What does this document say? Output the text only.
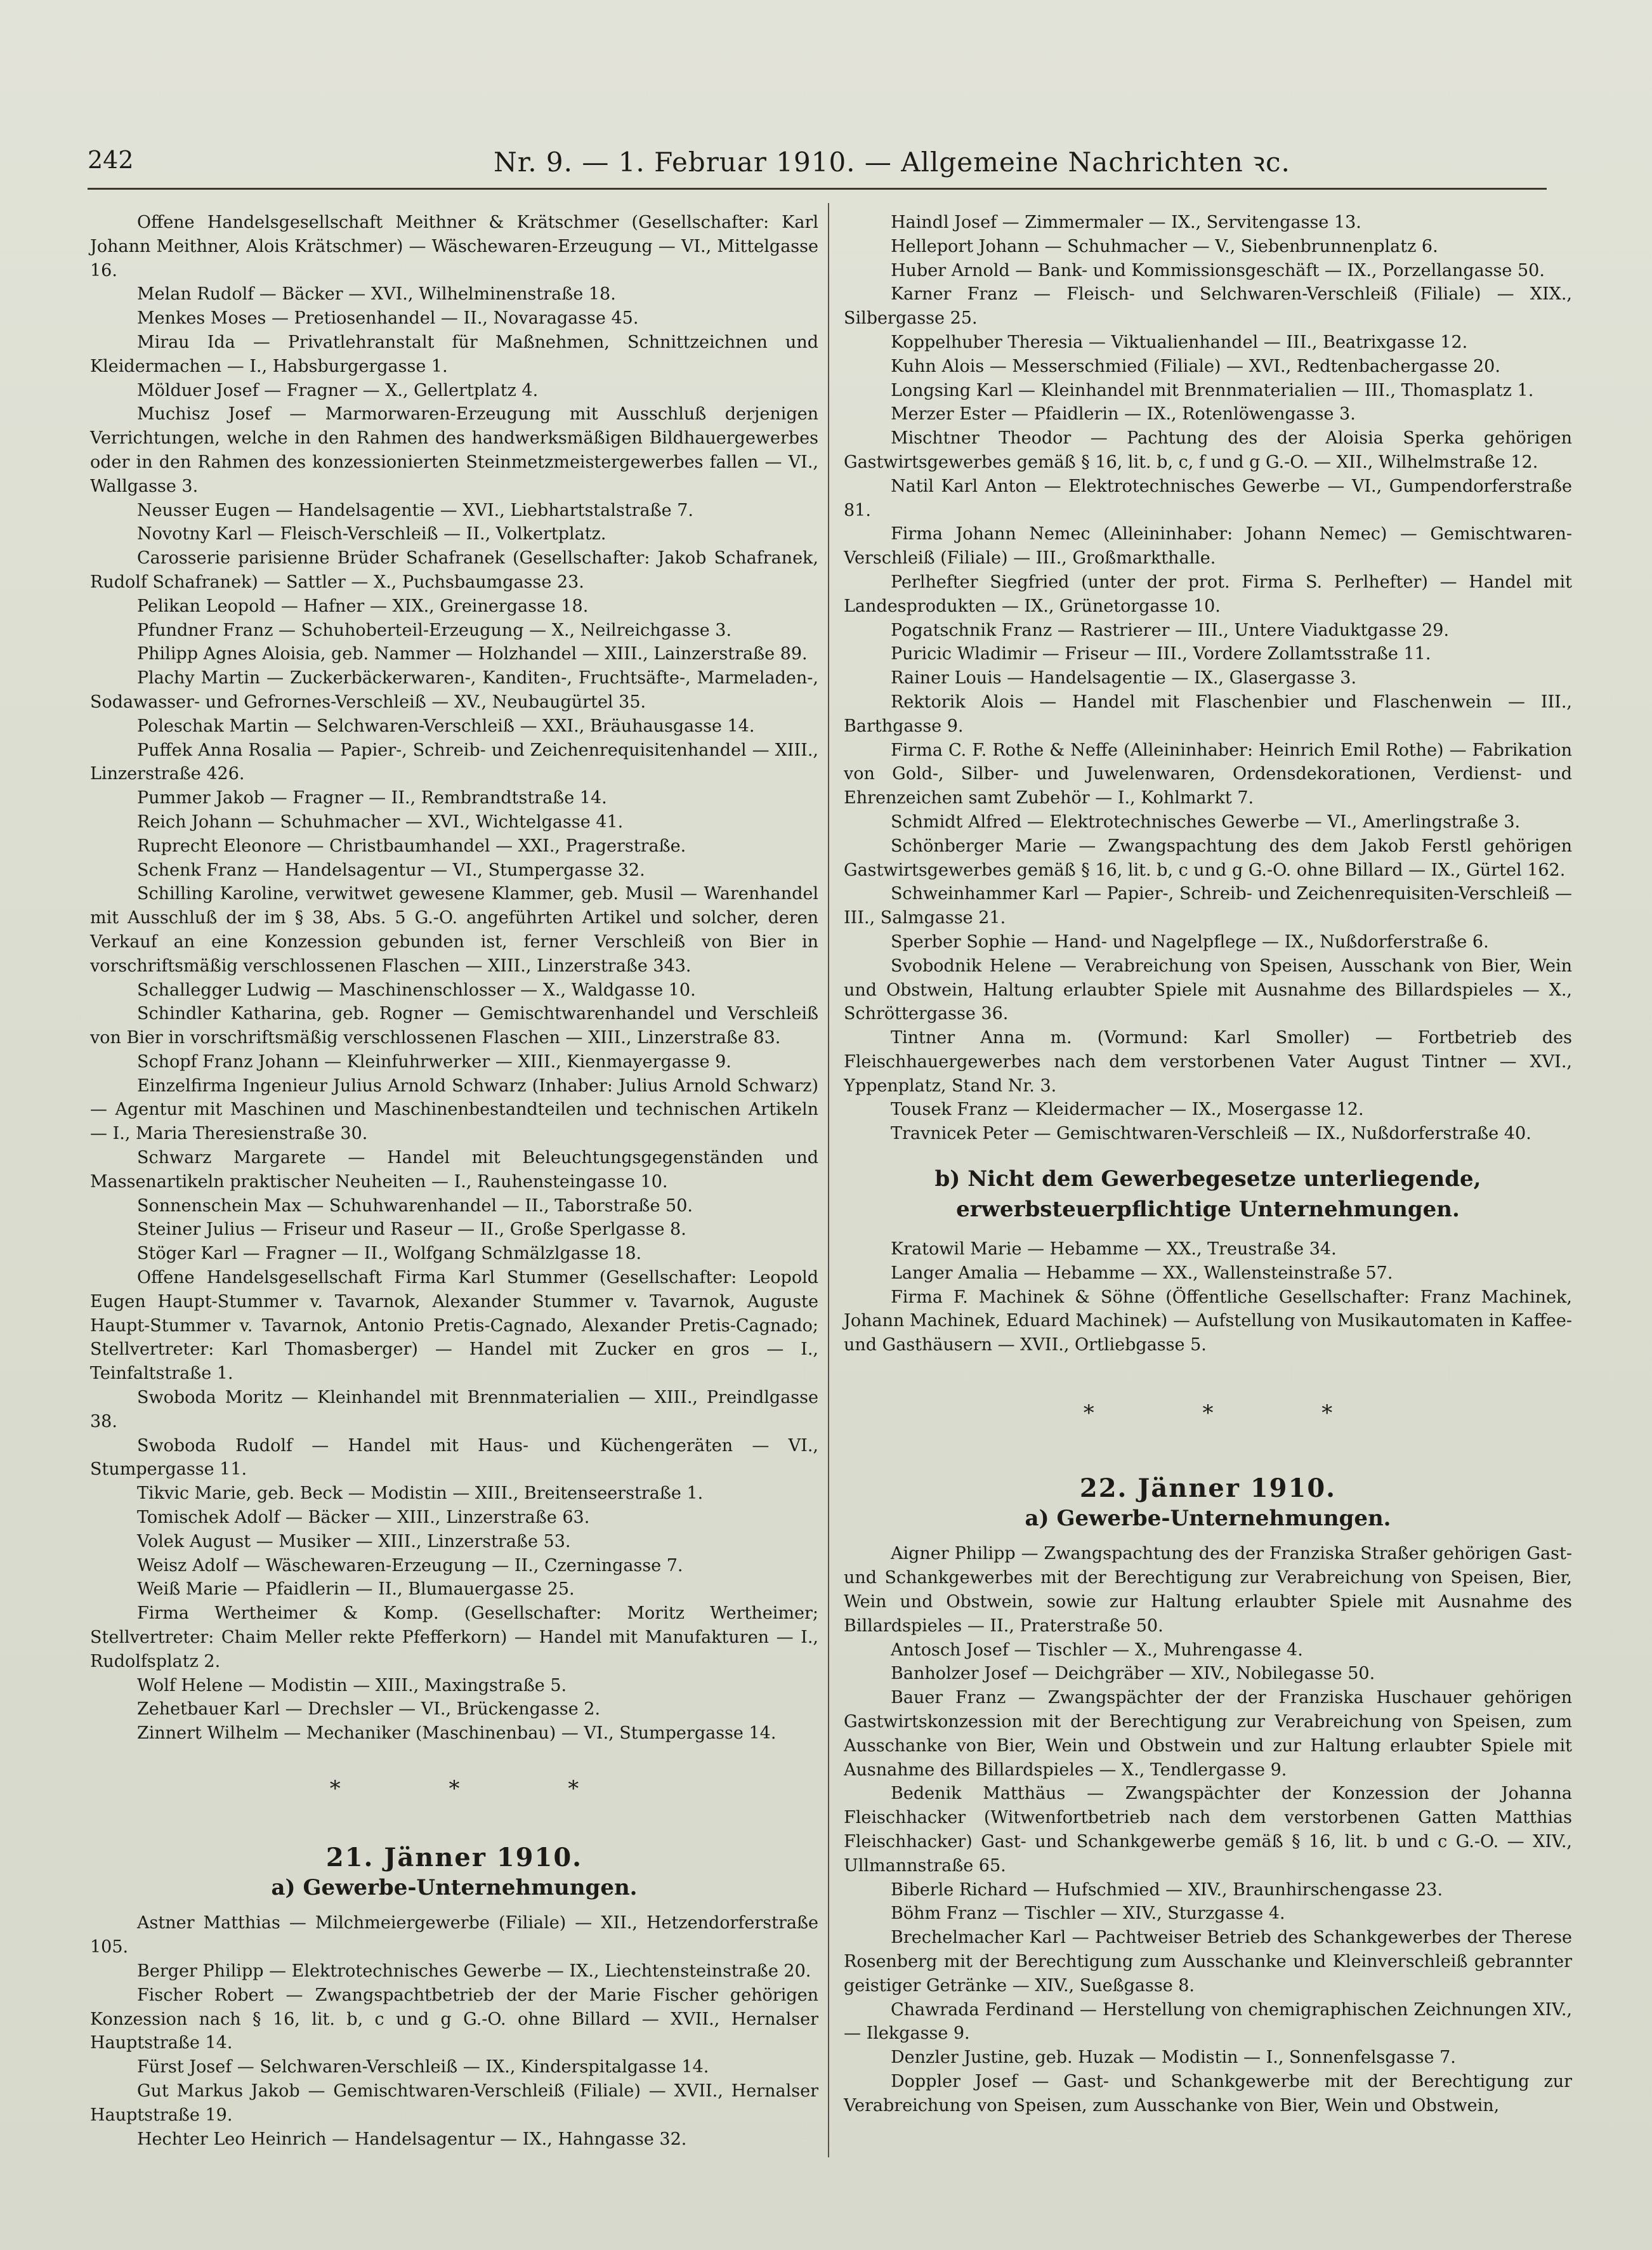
242	Nr. 9. — 1. Februar 1910. — Allgemeine Nachrichten ꝛc.

Offene Handelsgesellschaft Meithner & Krätschmer (Gesellschafter: Karl Johann Meithner, Alois Krätschmer) — Wäschewaren-Erzeugung — VI., Mittelgasse 16.

Melan Rudolf — Bäcker — XVI., Wilhelminenstraße 18.

Menkes Moses — Pretiosenhandel — II., Novaragasse 45.

Mirau Ida — Privatlehranstalt für Maßnehmen, Schnittzeichnen und Kleidermachen — I., Habsburgergasse 1.

Mölduer Josef — Fragner — X., Gellertplatz 4.

Muchisz Josef — Marmorwaren-Erzeugung mit Ausschluß derjenigen Verrichtungen, welche in den Rahmen des handwerksmäßigen Bildhauergewerbes oder in den Rahmen des konzessionierten Steinmetzmeistergewerbes fallen — VI., Wallgasse 3.

Neusser Eugen — Handelsagentie — XVI., Liebhartstalstraße 7.

Novotny Karl — Fleisch-Verschleiß — II., Volkertplatz.

Carosserie parisienne Brüder Schafranek (Gesellschafter: Jakob Schafranek, Rudolf Schafranek) — Sattler — X., Puchsbaumgasse 23.

Pelikan Leopold — Hafner — XIX., Greinergasse 18.

Pfundner Franz — Schuhoberteil-Erzeugung — X., Neilreichgasse 3.

Philipp Agnes Aloisia, geb. Nammer — Holzhandel — XIII., Lainzerstraße 89.

Plachy Martin — Zuckerbäckerwaren-, Kanditen-, Fruchtsäfte-, Marmeladen-, Sodawasser- und Gefrornes-Verschleiß — XV., Neubaugürtel 35.

Poleschak Martin — Selchwaren-Verschleiß — XXI., Bräuhausgasse 14.

Puffek Anna Rosalia — Papier-, Schreib- und Zeichenrequisitenhandel — XIII., Linzerstraße 426.

Pummer Jakob — Fragner — II., Rembrandtstraße 14.

Reich Johann — Schuhmacher — XVI., Wichtelgasse 41.

Ruprecht Eleonore — Christbaumhandel — XXI., Pragerstraße.

Schenk Franz — Handelsagentur — VI., Stumpergasse 32.

Schilling Karoline, verwitwet gewesene Klammer, geb. Musil — Warenhandel mit Ausschluß der im § 38, Abs. 5 G.-O. angeführten Artikel und solcher, deren Verkauf an eine Konzession gebunden ist, ferner Verschleiß von Bier in vorschriftsmäßig verschlossenen Flaschen — XIII., Linzerstraße 343.

Schallegger Ludwig — Maschinenschlosser — X., Waldgasse 10.

Schindler Katharina, geb. Rogner — Gemischtwarenhandel und Verschleiß von Bier in vorschriftsmäßig verschlossenen Flaschen — XIII., Linzerstraße 83.

Schopf Franz Johann — Kleinfuhrwerker — XIII., Kienmayergasse 9.

Einzelfirma Ingenieur Julius Arnold Schwarz (Inhaber: Julius Arnold Schwarz) — Agentur mit Maschinen und Maschinenbestandteilen und technischen Artikeln — I., Maria Theresienstraße 30.

Schwarz Margarete — Handel mit Beleuchtungsgegenständen und Massenartikeln praktischer Neuheiten — I., Rauhensteingasse 10.

Sonnenschein Max — Schuhwarenhandel — II., Taborstraße 50.

Steiner Julius — Friseur und Raseur — II., Große Sperlgasse 8.

Stöger Karl — Fragner — II., Wolfgang Schmälzlgasse 18.

Offene Handelsgesellschaft Firma Karl Stummer (Gesellschafter: Leopold Eugen Haupt-Stummer v. Tavarnok, Alexander Stummer v. Tavarnok, Auguste Haupt-Stummer v. Tavarnok, Antonio Pretis-Cagnado, Alexander Pretis-Cagnado; Stellvertreter: Karl Thomasberger) — Handel mit Zucker en gros — I., Teinfaltstraße 1.

Swoboda Moritz — Kleinhandel mit Brennmaterialien — XIII., Preindlgasse 38.

Swoboda Rudolf — Handel mit Haus- und Küchengeräten — VI., Stumpergasse 11.

Tikvic Marie, geb. Beck — Modistin — XIII., Breitenseerstraße 1.

Tomischek Adolf — Bäcker — XIII., Linzerstraße 63.

Volek August — Musiker — XIII., Linzerstraße 53.

Weisz Adolf — Wäschewaren-Erzeugung — II., Czerningasse 7.

Weiß Marie — Pfaidlerin — II., Blumauergasse 25.

Firma Wertheimer & Komp. (Gesellschafter: Moritz Wertheimer; Stellvertreter: Chaim Meller rekte Pfefferkorn) — Handel mit Manufakturen — I., Rudolfsplatz 2.

Wolf Helene — Modistin — XIII., Maxingstraße 5.

Zehetbauer Karl — Drechsler — VI., Brückengasse 2.

Zinnert Wilhelm — Mechaniker (Maschinenbau) — VI., Stumpergasse 14.

* * *
21. Jänner 1910.
a) Gewerbe-Unternehmungen.

Astner Matthias — Milchmeiergewerbe (Filiale) — XII., Hetzendorferstraße 105.

Berger Philipp — Elektrotechnisches Gewerbe — IX., Liechtensteinstraße 20.

Fischer Robert — Zwangspachtbetrieb der der Marie Fischer gehörigen Konzession nach § 16, lit. b, c und g G.-O. ohne Billard — XVII., Hernalser Hauptstraße 14.

Fürst Josef — Selchwaren-Verschleiß — IX., Kinderspitalgasse 14.

Gut Markus Jakob — Gemischtwaren-Verschleiß (Filiale) — XVII., Hernalser Hauptstraße 19.

Hechter Leo Heinrich — Handelsagentur — IX., Hahngasse 32.

Haindl Josef — Zimmermaler — IX., Servitengasse 13.

Helleport Johann — Schuhmacher — V., Siebenbrunnenplatz 6.

Huber Arnold — Bank- und Kommissionsgeschäft — IX., Porzellangasse 50.

Karner Franz — Fleisch- und Selchwaren-Verschleiß (Filiale) — XIX., Silbergasse 25.

Koppelhuber Theresia — Viktualienhandel — III., Beatrixgasse 12.

Kuhn Alois — Messerschmied (Filiale) — XVI., Redtenbachergasse 20.

Longsing Karl — Kleinhandel mit Brennmaterialien — III., Thomasplatz 1.

Merzer Ester — Pfaidlerin — IX., Rotenlöwengasse 3.

Mischtner Theodor — Pachtung des der Aloisia Sperka gehörigen Gastwirtsgewerbes gemäß § 16, lit. b, c, f und g G.-O. — XII., Wilhelmstraße 12.

Natil Karl Anton — Elektrotechnisches Gewerbe — VI., Gumpendorferstraße 81.

Firma Johann Nemec (Alleininhaber: Johann Nemec) — Gemischtwaren-Verschleiß (Filiale) — III., Großmarkthalle.

Perlhefter Siegfried (unter der prot. Firma S. Perlhefter) — Handel mit Landesprodukten — IX., Grünetorgasse 10.

Pogatschnik Franz — Rastrierer — III., Untere Viaduktgasse 29.

Puricic Wladimir — Friseur — III., Vordere Zollamtsstraße 11.

Rainer Louis — Handelsagentie — IX., Glasergasse 3.

Rektorik Alois — Handel mit Flaschenbier und Flaschenwein — III., Barthgasse 9.

Firma C. F. Rothe & Neffe (Alleininhaber: Heinrich Emil Rothe) — Fabrikation von Gold-, Silber- und Juwelenwaren, Ordensdekorationen, Verdienst- und Ehrenzeichen samt Zubehör — I., Kohlmarkt 7.

Schmidt Alfred — Elektrotechnisches Gewerbe — VI., Amerlingstraße 3.

Schönberger Marie — Zwangspachtung des dem Jakob Ferstl gehörigen Gastwirtsgewerbes gemäß § 16, lit. b, c und g G.-O. ohne Billard — IX., Gürtel 162.

Schweinhammer Karl — Papier-, Schreib- und Zeichenrequisiten-Verschleiß — III., Salmgasse 21.

Sperber Sophie — Hand- und Nagelpflege — IX., Nußdorferstraße 6.

Svobodnik Helene — Verabreichung von Speisen, Ausschank von Bier, Wein und Obstwein, Haltung erlaubter Spiele mit Ausnahme des Billardspieles — X., Schröttergasse 36.

Tintner Anna m. (Vormund: Karl Smoller) — Fortbetrieb des Fleischhauergewerbes nach dem verstorbenen Vater August Tintner — XVI., Yppenplatz, Stand Nr. 3.

Tousek Franz — Kleidermacher — IX., Mosergasse 12.

Travnicek Peter — Gemischtwaren-Verschleiß — IX., Nußdorferstraße 40.

b) Nicht dem Gewerbegesetze unterliegende, erwerbsteuerpflichtige Unternehmungen.

Kratowil Marie — Hebamme — XX., Treustraße 34.

Langer Amalia — Hebamme — XX., Wallensteinstraße 57.

Firma F. Machinek & Söhne (Öffentliche Gesellschafter: Franz Machinek, Johann Machinek, Eduard Machinek) — Aufstellung von Musikautomaten in Kaffee- und Gasthäusern — XVII., Ortliebgasse 5.

* * *
22. Jänner 1910.
a) Gewerbe-Unternehmungen.

Aigner Philipp — Zwangspachtung des der Franziska Straßer gehörigen Gast- und Schankgewerbes mit der Berechtigung zur Verabreichung von Speisen, Bier, Wein und Obstwein, sowie zur Haltung erlaubter Spiele mit Ausnahme des Billardspieles — II., Praterstraße 50.

Antosch Josef — Tischler — X., Muhrengasse 4.

Banholzer Josef — Deichgräber — XIV., Nobilegasse 50.

Bauer Franz — Zwangspächter der der Franziska Huschauer gehörigen Gastwirtskonzession mit der Berechtigung zur Verabreichung von Speisen, zum Ausschanke von Bier, Wein und Obstwein und zur Haltung erlaubter Spiele mit Ausnahme des Billardspieles — X., Tendlergasse 9.

Bedenik Matthäus — Zwangspächter der Konzession der Johanna Fleischhacker (Witwenfortbetrieb nach dem verstorbenen Gatten Matthias Fleischhacker) Gast- und Schankgewerbe gemäß § 16, lit. b und c G.-O. — XIV., Ullmannstraße 65.

Biberle Richard — Hufschmied — XIV., Braunhirschengasse 23.

Böhm Franz — Tischler — XIV., Sturzgasse 4.

Brechelmacher Karl — Pachtweiser Betrieb des Schankgewerbes der Therese Rosenberg mit der Berechtigung zum Ausschanke und Kleinverschleiß gebrannter geistiger Getränke — XIV., Sueßgasse 8.

Chawrada Ferdinand — Herstellung von chemigraphischen Zeichnungen XIV., — Ilekgasse 9.

Denzler Justine, geb. Huzak — Modistin — I., Sonnenfelsgasse 7.

Doppler Josef — Gast- und Schankgewerbe mit der Berechtigung zur Verabreichung von Speisen, zum Ausschanke von Bier, Wein und Obstwein,
